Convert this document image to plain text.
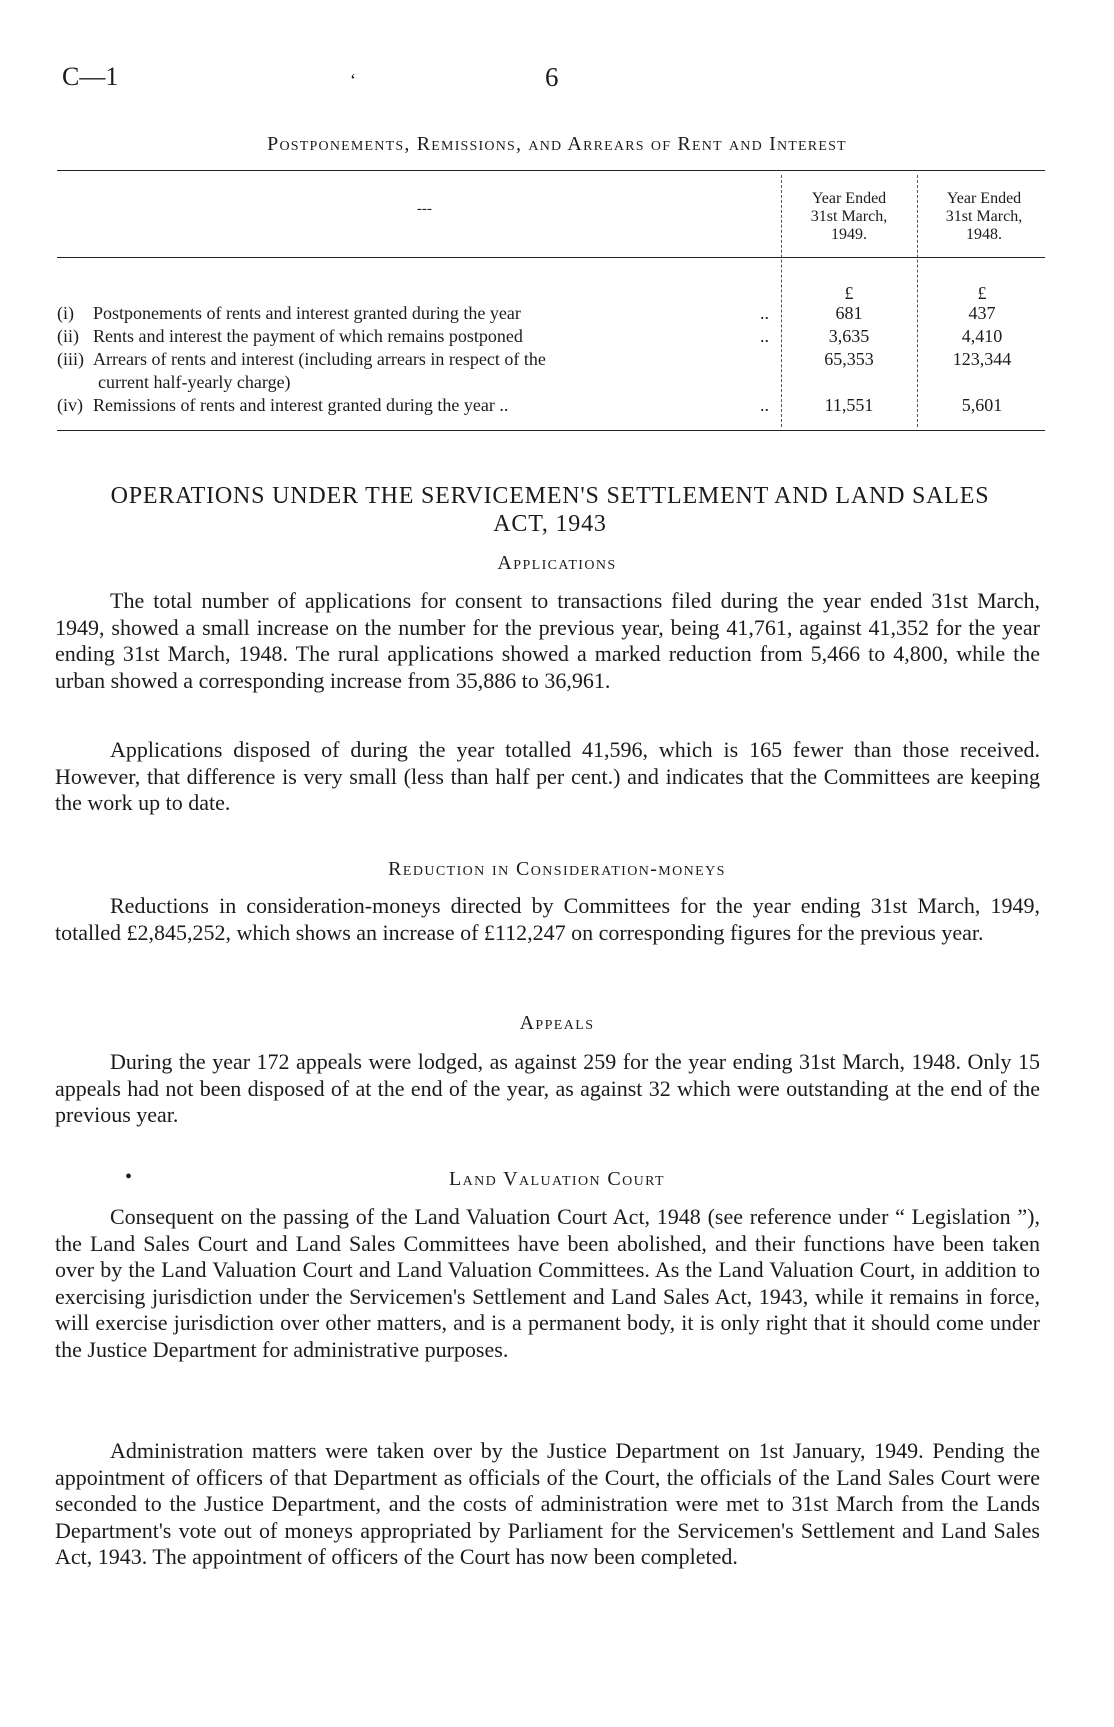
C—1	‘	6
Postponements, Remissions, and Arrears of Rent and Interest
---
Year Ended
31st March,
1949.
Year Ended
31st March,
1948.
£	£
(i) Postponements of rents and interest granted during the year	..	681	437
(ii) Rents and interest the payment of which remains postponed	..	3,635	4,410
(iii) Arrears of rents and interest (including arrears in respect of the
current half-yearly charge)
65,353	123,344
(iv) Remissions of rents and interest granted during the year ..	..	11,551	5,601
OPERATIONS UNDER THE SERVICEMEN'S SETTLEMENT AND LAND SALES
ACT, 1943
Applications

The total number of applications for consent to transactions filed during the year ended 31st March, 1949, showed a small increase on the number for the previous year, being 41,761, against 41,352 for the year ending 31st March, 1948. The rural applications showed a marked reduction from 5,466 to 4,800, while the urban showed a corresponding increase from 35,886 to 36,961.

Applications disposed of during the year totalled 41,596, which is 165 fewer than those received. However, that difference is very small (less than half per cent.) and indicates that the Committees are keeping the work up to date.

Reduction in Consideration-moneys

Reductions in consideration-moneys directed by Committees for the year ending 31st March, 1949, totalled £2,845,252, which shows an increase of £112,247 on corresponding figures for the previous year.

Appeals

During the year 172 appeals were lodged, as against 259 for the year ending 31st March, 1948. Only 15 appeals had not been disposed of at the end of the year, as against 32 which were outstanding at the end of the previous year.

•	Land Valuation Court

Consequent on the passing of the Land Valuation Court Act, 1948 (see reference under “ Legislation ”), the Land Sales Court and Land Sales Committees have been abolished, and their functions have been taken over by the Land Valuation Court and Land Valuation Committees. As the Land Valuation Court, in addition to exercising jurisdiction under the Servicemen's Settlement and Land Sales Act, 1943, while it remains in force, will exercise jurisdiction over other matters, and is a permanent body, it is only right that it should come under the Justice Department for administrative purposes.

Administration matters were taken over by the Justice Department on 1st January, 1949. Pending the appointment of officers of that Department as officials of the Court, the officials of the Land Sales Court were seconded to the Justice Department, and the costs of administration were met to 31st March from the Lands Department's vote out of moneys appropriated by Parliament for the Servicemen's Settlement and Land Sales Act, 1943. The appointment of officers of the Court has now been completed.
